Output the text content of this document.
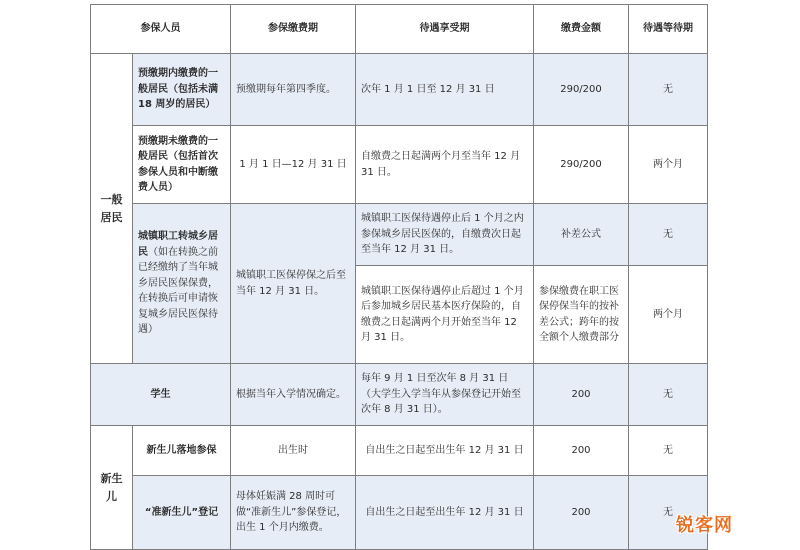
参保人员		参保缴费期	待遇享受期	缴费金额	待遇等待期
一般居民	预缴期内缴费的一般居民（包括未满 18 周岁的居民）	预缴期每年第四季度。	次年 1 月 1 日至 12 月 31 日	290/200	无
	预缴期未缴费的一般居民（包括首次参保人员和中断缴费人员）	1 月 1 日—12 月 31 日	自缴费之日起满两个月至当年 12 月 31 日。	290/200	两个月
	城镇职工转城乡居民（如在转换之前已经缴纳了当年城乡居民医保保费，在转换后可申请恢复城乡居民医保待遇）	城镇职工医保停保之后至当年 12 月 31 日。	城镇职工医保待遇停止后 1 个月之内参保城乡居民医保的，自缴费次日起至当年 12 月 31 日。	补差公式	无
			城镇职工医保待遇停止后超过 1 个月后参加城乡居民基本医疗保险的，自缴费之日起满两个月开始至当年 12 月 31 日。	参保缴费在职工医保停保当年的按补差公式；跨年的按全额个人缴费部分	两个月
学生		根据当年入学情况确定。	每年 9 月 1 日至次年 8 月 31 日（大学生入学当年从参保登记开始至次年 8 月 31 日）。	200	无
新生儿	新生儿落地参保	出生时	自出生之日起至出生年 12 月 31 日	200	无
	“准新生儿”登记	母体妊娠满 28 周时可做“准新生儿”参保登记，出生 1 个月内缴费。	自出生之日起至出生年 12 月 31 日	200	无
锐客网
